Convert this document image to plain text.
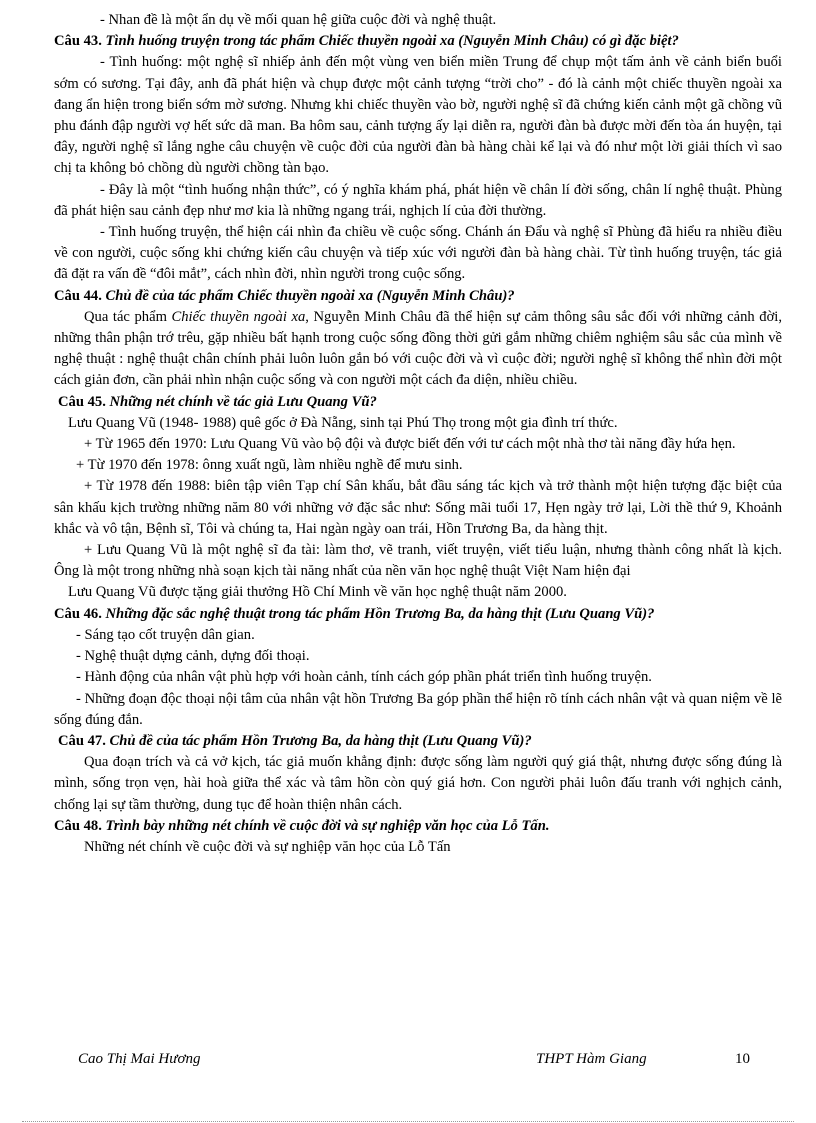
- Nhan đề là một ẩn dụ về mối quan hệ giữa cuộc đời và nghệ thuật.

Câu 43. Tình huống truyện trong tác phẩm Chiếc thuyền ngoài xa (Nguyễn Minh Châu) có gì đặc biệt?

- Tình huống: một nghệ sĩ nhiếp ảnh đến một vùng ven biển miền Trung để chụp một tấm ảnh về cảnh biển buổi sớm có sương. Tại đây, anh đã phát hiện và chụp được một cảnh tượng “trời cho” - đó là cảnh một chiếc thuyền ngoài xa đang ẩn hiện trong biển sớm mờ sương. Nhưng khi chiếc thuyền vào bờ, người nghệ sĩ đã chứng kiến cảnh một gã chồng vũ phu đánh đập người vợ hết sức dã man. Ba hôm sau, cảnh tượng ấy lại diễn ra, người đàn bà được mời đến tòa án huyện, tại đây, người nghệ sĩ lắng nghe câu chuyện về cuộc đời của người đàn bà hàng chài kể lại và đó như một lời giải thích vì sao chị ta không bỏ chồng dù người chồng tàn bạo.

- Đây là một “tình huống nhận thức”, có ý nghĩa khám phá, phát hiện về chân lí đời sống, chân lí nghệ thuật. Phùng đã phát hiện sau cảnh đẹp như mơ kia là những ngang trái, nghịch lí của đời thường.

- Tình huống truyện, thể hiện cái nhìn đa chiều về cuộc sống. Chánh án Đẩu và nghệ sĩ Phùng đã hiểu ra nhiều điều về con người, cuộc sống khi chứng kiến câu chuyện và tiếp xúc với người đàn bà hàng chài. Từ tình huống truyện, tác giả đã đặt ra vấn đề “đôi mắt”, cách nhìn đời, nhìn người trong cuộc sống.

Câu 44. Chủ đề của tác phẩm Chiếc thuyền ngoài xa (Nguyễn Minh Châu)?

Qua tác phẩm Chiếc thuyền ngoài xa, Nguyễn Minh Châu đã thể hiện sự cảm thông sâu sắc đối với những cảnh đời, những thân phận trớ trêu, gặp nhiều bất hạnh trong cuộc sống đồng thời gửi gắm những chiêm nghiệm sâu sắc của mình về nghệ thuật : nghệ thuật chân chính phải luôn luôn gắn bó với cuộc đời và vì cuộc đời; người nghệ sĩ không thể nhìn đời một cách giản đơn, cần phải nhìn nhận cuộc sống và con người một cách đa diện, nhiều chiều.

Câu 45. Những nét chính về tác giả Lưu Quang Vũ?

Lưu Quang Vũ (1948- 1988) quê gốc ở Đà Nẵng, sinh tại Phú Thọ trong một gia đình trí thức.

+ Từ 1965 đến 1970: Lưu Quang Vũ vào bộ đội và được biết đến với tư cách một nhà thơ tài năng đầy hứa hẹn.

+ Từ 1970 đến 1978: ônng xuất ngũ, làm nhiều nghề để mưu sinh.

+ Từ 1978 đến 1988: biên tập viên Tạp chí Sân khấu, bắt đầu sáng tác kịch và trở thành một hiện tượng đặc biệt của sân khấu kịch trường những năm 80 với những vở đặc sắc như: Sống mãi tuổi 17, Hẹn ngày trở lại, Lời thề thứ 9, Khoảnh khắc và vô tận, Bệnh sĩ, Tôi và chúng ta, Hai ngàn ngày oan trái, Hồn Trương Ba, da hàng thịt.

+ Lưu Quang Vũ là một nghệ sĩ đa tài: làm thơ, vẽ tranh, viết truyện, viết tiểu luận, nhưng thành công nhất là kịch. Ông là một trong những nhà soạn kịch tài năng nhất của nền văn học nghệ thuật Việt Nam hiện đại

Lưu Quang Vũ được tặng giải thưởng Hồ Chí Minh về văn học nghệ thuật năm 2000.

Câu 46. Những đặc sắc nghệ thuật trong tác phẩm Hồn Trương Ba, da hàng thịt (Lưu Quang Vũ)?

- Sáng tạo cốt truyện dân gian.

- Nghệ thuật dựng cảnh, dựng đối thoại.

- Hành động của nhân vật phù hợp với hoàn cảnh, tính cách góp phần phát triển tình huống truyện.

- Những đoạn độc thoại nội tâm của nhân vật hồn Trương Ba góp phần thể hiện rõ tính cách nhân vật và quan niệm về lẽ sống đúng đắn.

Câu 47. Chủ đề của tác phẩm Hồn Trương Ba, da hàng thịt (Lưu Quang Vũ)?

Qua đoạn trích và cả vở kịch, tác giả muốn khẳng định: được sống làm người quý giá thật, nhưng được sống đúng là mình, sống trọn vẹn, hài hoà giữa thể xác và tâm hồn còn quý giá hơn. Con người phải luôn đấu tranh với nghịch cảnh, chống lại sự tầm thường, dung tục để hoàn thiện nhân cách.

Câu 48. Trình bày những nét chính về cuộc đời và sự nghiệp văn học của Lỗ Tấn.

Những nét chính về cuộc đời và sự nghiệp văn học của Lỗ Tấn

Cao Thị Mai Hương	THPT Hàm Giang	10
